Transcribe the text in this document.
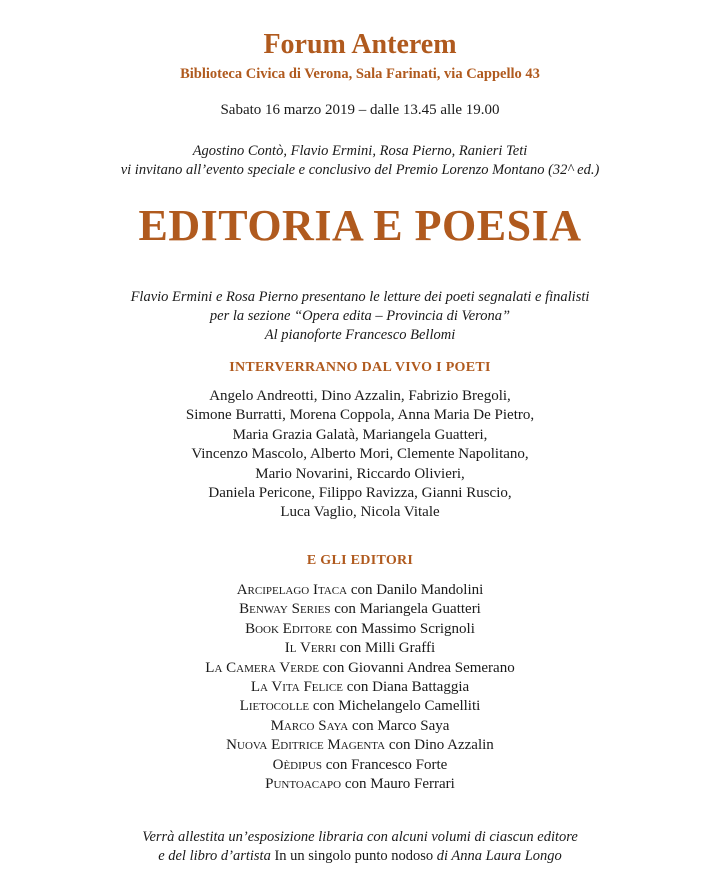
Forum Anterem
Biblioteca Civica di Verona, Sala Farinati, via Cappello 43
Sabato 16 marzo 2019 – dalle 13.45 alle 19.00
Agostino Contò, Flavio Ermini, Rosa Pierno, Ranieri Teti
vi invitano all’evento speciale e conclusivo del Premio Lorenzo Montano (32^ ed.)
EDITORIA E POESIA
Flavio Ermini e Rosa Pierno presentano le letture dei poeti segnalati e finalisti
per la sezione “Opera edita – Provincia di Verona”
Al pianoforte Francesco Bellomi
INTERVERRANNO DAL VIVO I POETI
Angelo Andreotti, Dino Azzalin, Fabrizio Bregoli,
Simone Burratti, Morena Coppola, Anna Maria De Pietro,
Maria Grazia Galatà, Mariangela Guatteri,
Vincenzo Mascolo, Alberto Mori, Clemente Napolitano,
Mario Novarini, Riccardo Olivieri,
Daniela Pericone, Filippo Ravizza, Gianni Ruscio,
Luca Vaglio, Nicola Vitale
E GLI EDITORI
Arcipelago Itaca con Danilo Mandolini
Benway Series con Mariangela Guatteri
Book Editore con Massimo Scrignoli
Il Verri con Milli Graffi
La Camera Verde con Giovanni Andrea Semerano
La Vita Felice con Diana Battaggia
Lietocolle con Michelangelo Camelliti
Marco Saya con Marco Saya
Nuova Editrice Magenta con Dino Azzalin
Oèdipus con Francesco Forte
Puntoacapo con Mauro Ferrari
Verrà allestita un’esposizione libraria con alcuni volumi di ciascun editore
e del libro d’artista In un singolo punto nodoso di Anna Laura Longo
